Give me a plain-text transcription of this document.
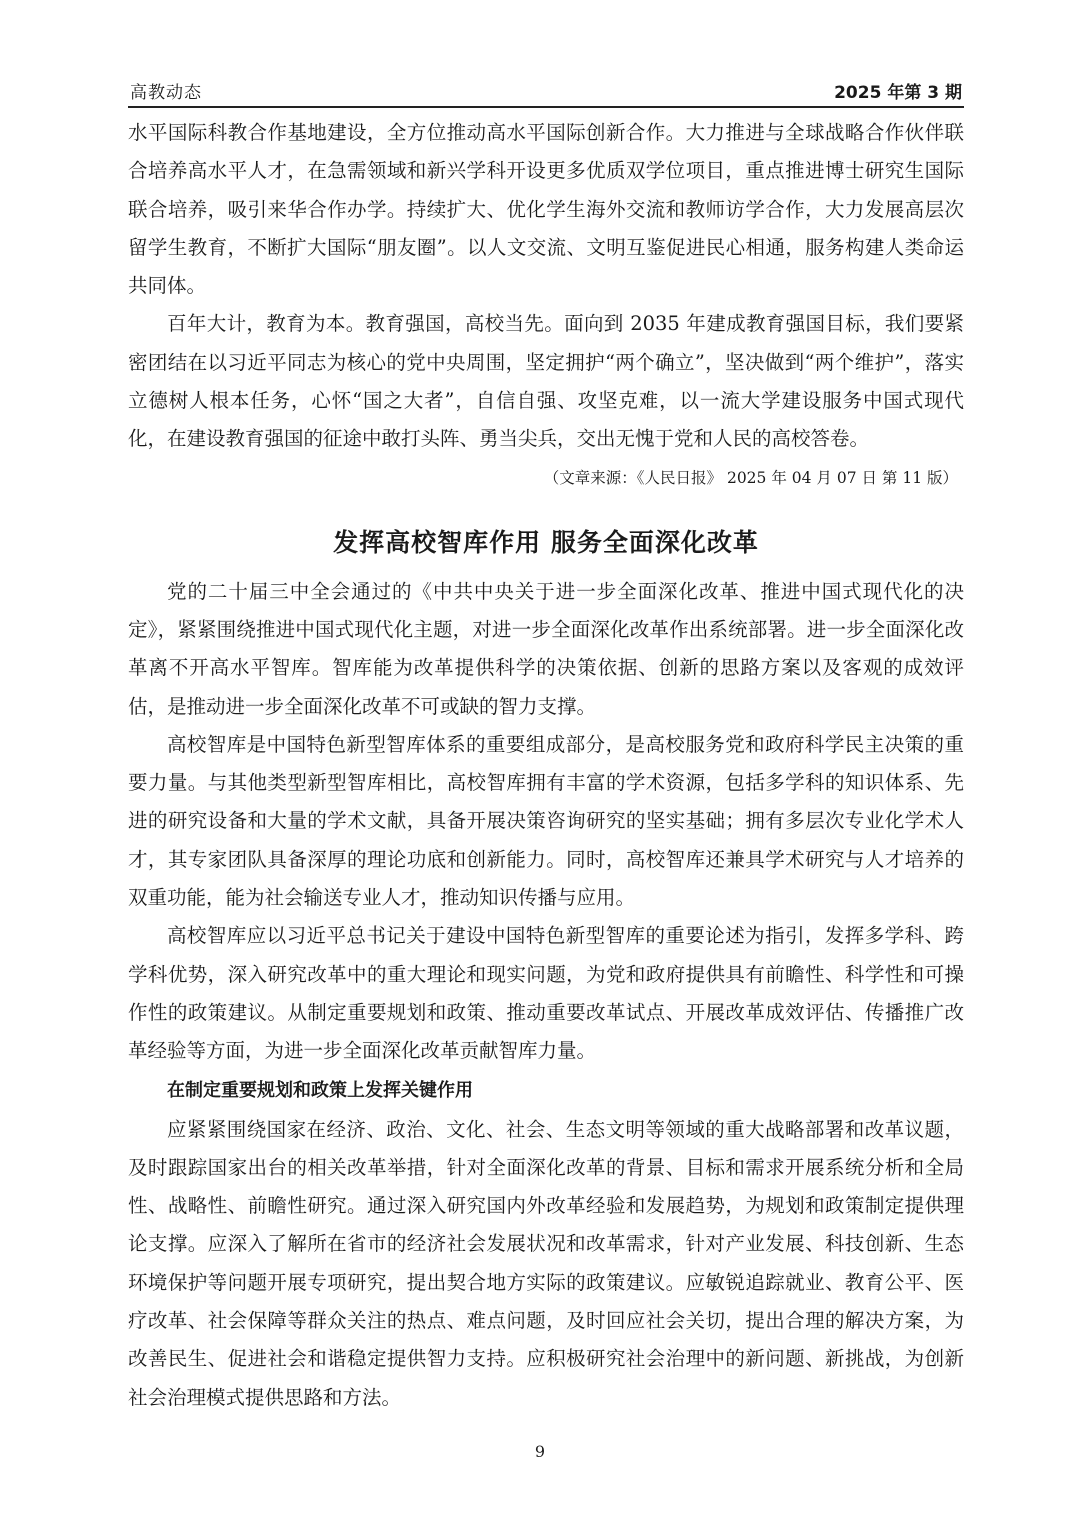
高教动态	2025 年第 3 期

水平国际科教合作基地建设，全方位推动高水平国际创新合作。大力推进与全球战略合作伙伴联合培养高水平人才，在急需领域和新兴学科开设更多优质双学位项目，重点推进博士研究生国际联合培养，吸引来华合作办学。持续扩大、优化学生海外交流和教师访学合作，大力发展高层次留学生教育，不断扩大国际“朋友圈”。以人文交流、文明互鉴促进民心相通，服务构建人类命运共同体。

百年大计，教育为本。教育强国，高校当先。面向到 2035 年建成教育强国目标，我们要紧密团结在以习近平同志为核心的党中央周围，坚定拥护“两个确立”，坚决做到“两个维护”，落实立德树人根本任务，心怀“国之大者”，自信自强、攻坚克难，以一流大学建设服务中国式现代化，在建设教育强国的征途中敢打头阵、勇当尖兵，交出无愧于党和人民的高校答卷。

（文章来源：《人民日报》 2025 年 04 月 07 日 第 11 版）

发挥高校智库作用 服务全面深化改革

党的二十届三中全会通过的《中共中央关于进一步全面深化改革、推进中国式现代化的决定》，紧紧围绕推进中国式现代化主题，对进一步全面深化改革作出系统部署。进一步全面深化改革离不开高水平智库。智库能为改革提供科学的决策依据、创新的思路方案以及客观的成效评估，是推动进一步全面深化改革不可或缺的智力支撑。

高校智库是中国特色新型智库体系的重要组成部分，是高校服务党和政府科学民主决策的重要力量。与其他类型新型智库相比，高校智库拥有丰富的学术资源，包括多学科的知识体系、先进的研究设备和大量的学术文献，具备开展决策咨询研究的坚实基础；拥有多层次专业化学术人才，其专家团队具备深厚的理论功底和创新能力。同时，高校智库还兼具学术研究与人才培养的双重功能，能为社会输送专业人才，推动知识传播与应用。

高校智库应以习近平总书记关于建设中国特色新型智库的重要论述为指引，发挥多学科、跨学科优势，深入研究改革中的重大理论和现实问题，为党和政府提供具有前瞻性、科学性和可操作性的政策建议。从制定重要规划和政策、推动重要改革试点、开展改革成效评估、传播推广改革经验等方面，为进一步全面深化改革贡献智库力量。

在制定重要规划和政策上发挥关键作用

应紧紧围绕国家在经济、政治、文化、社会、生态文明等领域的重大战略部署和改革议题，及时跟踪国家出台的相关改革举措，针对全面深化改革的背景、目标和需求开展系统分析和全局性、战略性、前瞻性研究。通过深入研究国内外改革经验和发展趋势，为规划和政策制定提供理论支撑。应深入了解所在省市的经济社会发展状况和改革需求，针对产业发展、科技创新、生态环境保护等问题开展专项研究，提出契合地方实际的政策建议。应敏锐追踪就业、教育公平、医疗改革、社会保障等群众关注的热点、难点问题，及时回应社会关切，提出合理的解决方案，为改善民生、促进社会和谐稳定提供智力支持。应积极研究社会治理中的新问题、新挑战，为创新社会治理模式提供思路和方法。

9
